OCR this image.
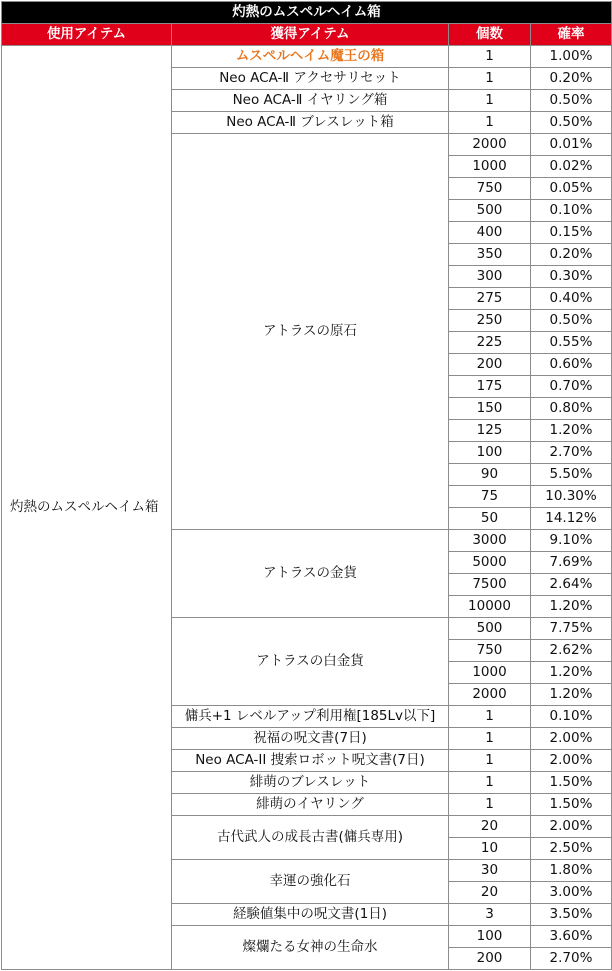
灼熱のムスペルヘイム箱			
使用アイテム	獲得アイテム	個数	確率
灼熱のムスペルヘイム箱	ムスペルヘイム魔王の箱	1	1.00%
	Neo ACA-Ⅱ アクセサリセット	1	0.20%
	Neo ACA-Ⅱ イヤリング箱	1	0.50%
	Neo ACA-Ⅱ ブレスレット箱	1	0.50%
	アトラスの原石	2000	0.01%
		1000	0.02%
		750	0.05%
		500	0.10%
		400	0.15%
		350	0.20%
		300	0.30%
		275	0.40%
		250	0.50%
		225	0.55%
		200	0.60%
		175	0.70%
		150	0.80%
		125	1.20%
		100	2.70%
		90	5.50%
		75	10.30%
		50	14.12%
	アトラスの金貨	3000	9.10%
		5000	7.69%
		7500	2.64%
		10000	1.20%
	アトラスの白金貨	500	7.75%
		750	2.62%
		1000	1.20%
		2000	1.20%
	傭兵+1 レベルアップ利用権[185Lv以下]	1	0.10%
	祝福の呪文書(7日)	1	2.00%
	Neo ACA-II 捜索ロボット呪文書(7日)	1	2.00%
	緋萌のブレスレット	1	1.50%
	緋萌のイヤリング	1	1.50%
	古代武人の成長古書(傭兵専用)	20	2.00%
		10	2.50%
	幸運の強化石	30	1.80%
		20	3.00%
	経験値集中の呪文書(1日)	3	3.50%
	燦爛たる女神の生命水	100	3.60%
		200	2.70%
